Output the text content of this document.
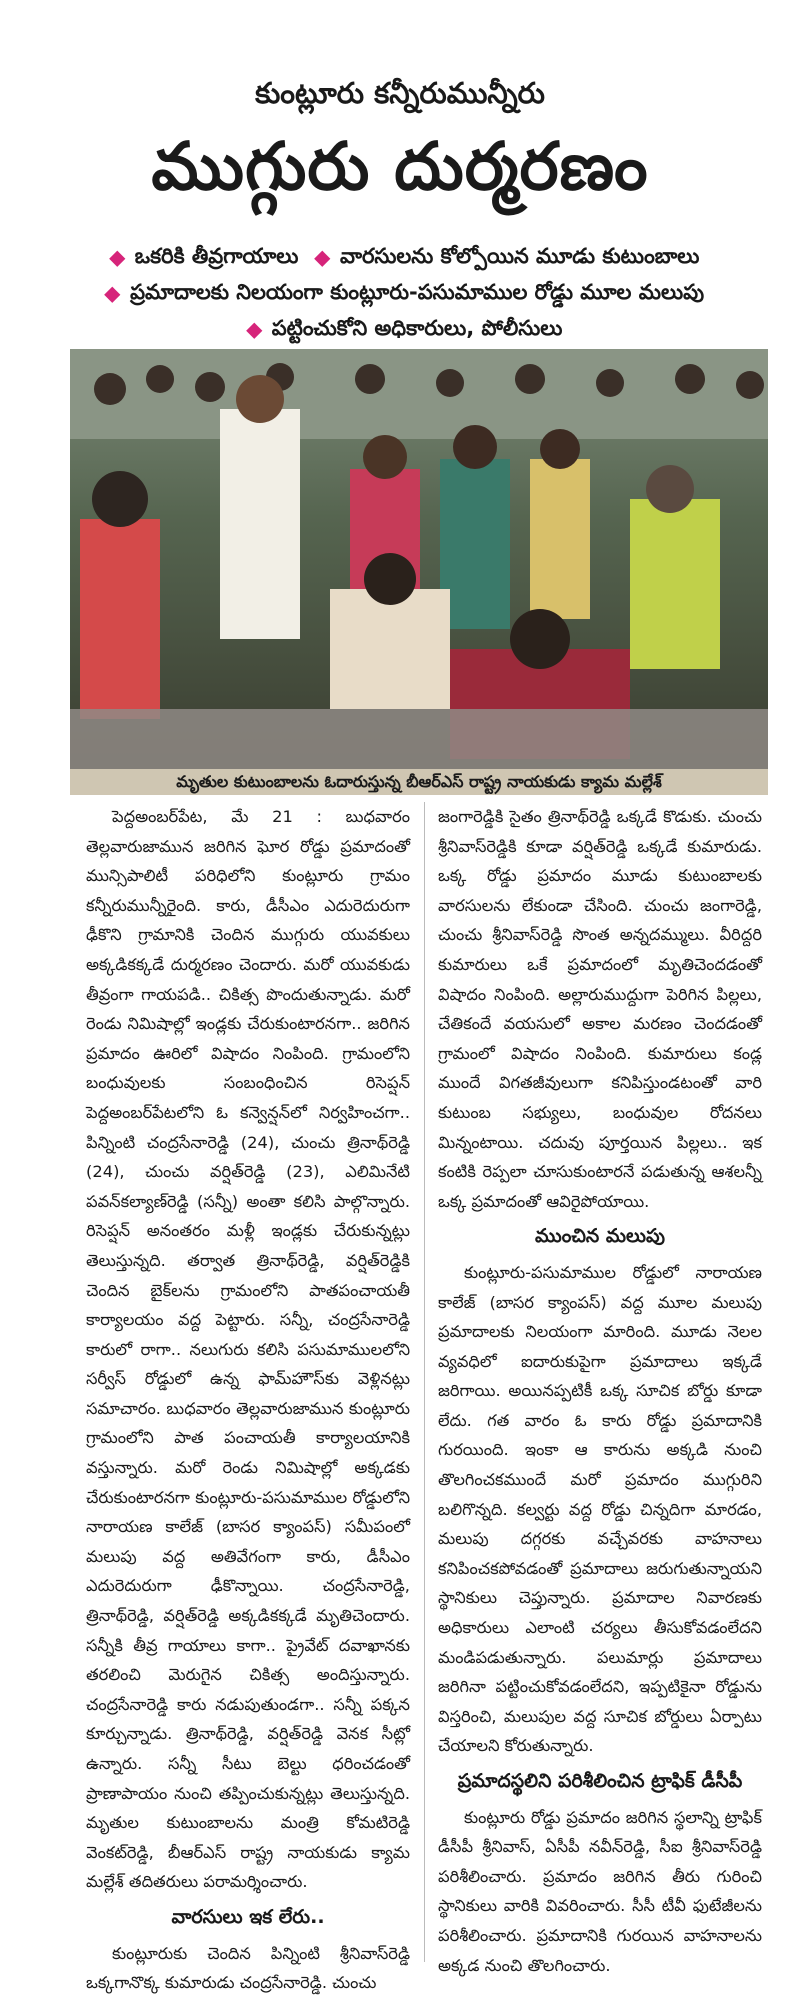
కుంట్లూరు కన్నీరుమున్నీరు
ముగ్గురు దుర్మరణం
■ ఒకరికి తీవ్రగాయాలు ■ వారసులను కోల్పోయిన మూడు కుటుంబాలు
■ ప్రమాదాలకు నిలయంగా కుంట్లూరు-పసుమాముల రోడ్డు మూల మలుపు
■ పట్టించుకోని అధికారులు, పోలీసులు
మృతుల కుటుంబాలను ఓదారుస్తున్న బీఆర్ఎస్ రాష్ట్ర నాయకుడు క్యామ మల్లేశ్

పెద్దఅంబర్‌పేట, మే 21 : బుధవారం తెల్లవారుజామున జరిగిన ఘోర రోడ్డు ప్రమాదంతో మున్సిపాలిటీ పరిధిలోని కుంట్లూరు గ్రామం కన్నీరుమున్నీరైంది. కారు, డీసీఎం ఎదురెదురుగా ఢీకొని గ్రామానికి చెందిన ముగ్గురు యువకులు అక్కడికక్కడే దుర్మరణం చెందారు. మరో యువకుడు తీవ్రంగా గాయపడి.. చికిత్స పొందుతున్నాడు. మరో రెండు నిమిషాల్లో ఇండ్లకు చేరుకుంటారనగా.. జరిగిన ప్రమాదం ఊరిలో విషాదం నింపింది. గ్రామంలోని బంధువులకు సంబంధించిన రిసెప్షన్ పెద్దఅంబర్‌పేటలోని ఓ కన్వెన్షన్‌లో నిర్వహించగా.. పిన్నింటి చంద్రసేనారెడ్డి (24), చుంచు త్రినాథ్‌రెడ్డి (24), చుంచు వర్షిత్‌రెడ్డి (23), ఎలిమినేటి పవన్‌కల్యాణ్‌రెడ్డి (సన్నీ) అంతా కలిసి పాల్గొన్నారు. రిసెప్షన్ అనంతరం మళ్లీ ఇండ్లకు చేరుకున్నట్లు తెలుస్తున్నది. తర్వాత త్రినాథ్‌రెడ్డి, వర్షిత్‌రెడ్డికి చెందిన బైక్‌లను గ్రామంలోని పాతపంచాయతీ కార్యాలయం వద్ద పెట్టారు. సన్నీ, చంద్రసేనారెడ్డి కారులో రాగా.. నలుగురు కలిసి పసుమాములలోని సర్వీస్ రోడ్డులో ఉన్న ఫామ్‌హౌస్‌కు వెళ్లినట్లు సమాచారం. బుధవారం తెల్లవారుజామున కుంట్లూరు గ్రామంలోని పాత పంచాయతీ కార్యాలయానికి వస్తున్నారు. మరో రెండు నిమిషాల్లో అక్కడకు చేరుకుంటారనగా కుంట్లూరు-పసుమాముల రోడ్డులోని నారాయణ కాలేజ్ (బాసర క్యాంపస్) సమీపంలో మలుపు వద్ద అతివేగంగా కారు, డీసీఎం ఎదురెదురుగా ఢీకొన్నాయి. చంద్రసేనారెడ్డి, త్రినాథ్‌రెడ్డి, వర్షిత్‌రెడ్డి అక్కడికక్కడే మృతిచెందారు. సన్నీకి తీవ్ర గాయాలు కాగా.. ప్రైవేట్ దవాఖానకు తరలించి మెరుగైన చికిత్స అందిస్తున్నారు. చంద్రసేనారెడ్డి కారు నడుపుతుండగా.. సన్నీ పక్కన కూర్చున్నాడు. త్రినాథ్‌రెడ్డి, వర్షిత్‌రెడ్డి వెనక సీట్లో ఉన్నారు. సన్నీ సీటు బెల్టు ధరించడంతో ప్రాణాపాయం నుంచి తప్పించుకున్నట్లు తెలుస్తున్నది. మృతుల కుటుంబాలను మంత్రి కోమటిరెడ్డి వెంకట్‌రెడ్డి, బీఆర్ఎస్ రాష్ట్ర నాయకుడు క్యామ మల్లేశ్ తదితరులు పరామర్శించారు.

వారసులు ఇక లేరు..

కుంట్లూరుకు చెందిన పిన్నింటి శ్రీనివాస్‌రెడ్డి ఒక్కగానొక్క కుమారుడు చంద్రసేనారెడ్డి. చుంచు

జంగారెడ్డికి సైతం త్రినాథ్‌రెడ్డి ఒక్కడే కొడుకు. చుంచు శ్రీనివాస్‌రెడ్డికి కూడా వర్షిత్‌రెడ్డి ఒక్కడే కుమారుడు. ఒక్క రోడ్డు ప్రమాదం మూడు కుటుంబాలకు వారసులను లేకుండా చేసింది. చుంచు జంగారెడ్డి, చుంచు శ్రీనివాస్‌రెడ్డి సొంత అన్నదమ్ములు. వీరిద్దరి కుమారులు ఒకే ప్రమాదంలో మృతిచెందడంతో విషాదం నింపింది. అల్లారుముద్దుగా పెరిగిన పిల్లలు, చేతికందే వయసులో అకాల మరణం చెందడంతో గ్రామంలో విషాదం నింపింది. కుమారులు కండ్ల ముందే విగతజీవులుగా కనిపిస్తుండటంతో వారి కుటుంబ సభ్యులు, బంధువుల రోదనలు మిన్నంటాయి. చదువు పూర్తయిన పిల్లలు.. ఇక కంటికి రెప్పలా చూసుకుంటారనే పడుతున్న ఆశలన్నీ ఒక్క ప్రమాదంతో ఆవిరైపోయాయి.

ముంచిన మలుపు

కుంట్లూరు-పసుమాముల రోడ్డులో నారాయణ కాలేజ్ (బాసర క్యాంపస్) వద్ద మూల మలుపు ప్రమాదాలకు నిలయంగా మారింది. మూడు నెలల వ్యవధిలో ఐదారుకుపైగా ప్రమాదాలు ఇక్కడే జరిగాయి. అయినప్పటికీ ఒక్క సూచిక బోర్డు కూడా లేదు. గత వారం ఓ కారు రోడ్డు ప్రమాదానికి గురయింది. ఇంకా ఆ కారును అక్కడి నుంచి తొలగించకముందే మరో ప్రమాదం ముగ్గురిని బలిగొన్నది. కల్వర్టు వద్ద రోడ్డు చిన్నదిగా మారడం, మలుపు దగ్గరకు వచ్చేవరకు వాహనాలు కనిపించకపోవడంతో ప్రమాదాలు జరుగుతున్నాయని స్థానికులు చెప్తున్నారు. ప్రమాదాల నివారణకు అధికారులు ఎలాంటి చర్యలు తీసుకోవడంలేదని మండిపడుతున్నారు. పలుమార్లు ప్రమాదాలు జరిగినా పట్టించుకోవడంలేదని, ఇప్పటికైనా రోడ్డును విస్తరించి, మలుపుల వద్ద సూచిక బోర్డులు ఏర్పాటు చేయాలని కోరుతున్నారు.

ప్రమాదస్థలిని పరిశీలించిన ట్రాఫిక్ డీసీపీ

కుంట్లూరు రోడ్డు ప్రమాదం జరిగిన స్థలాన్ని ట్రాఫిక్ డీసీపీ శ్రీనివాస్, ఏసీపీ నవీన్‌రెడ్డి, సీఐ శ్రీనివాస్‌రెడ్డి పరిశీలించారు. ప్రమాదం జరిగిన తీరు గురించి స్థానికులు వారికి వివరించారు. సీసీ టీవీ ఫుటేజీలను పరిశీలించారు. ప్రమాదానికి గురయిన వాహనాలను అక్కడ నుంచి తొలగించారు.
